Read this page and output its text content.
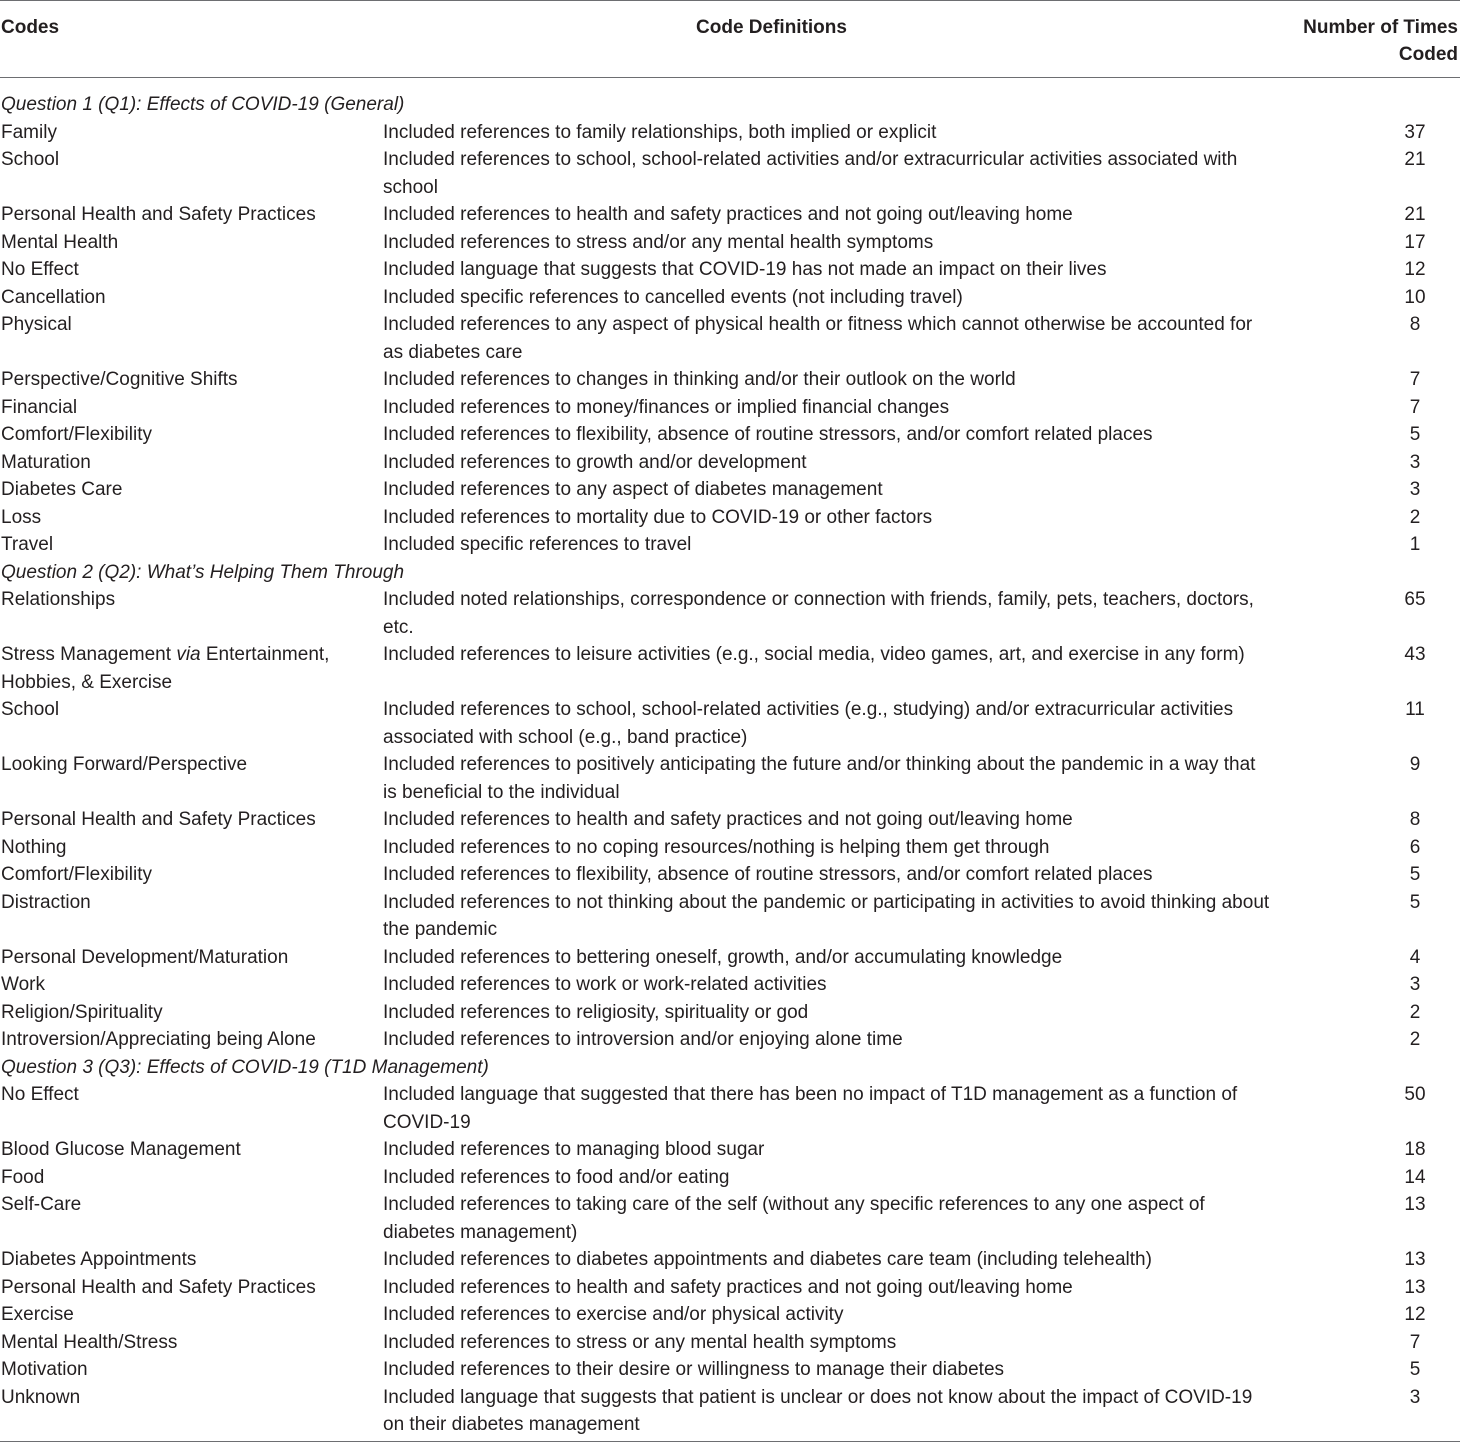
Codes	Code Definitions	Number of Times Coded
Question 1 (Q1): Effects of COVID-19 (General)		
Family	Included references to family relationships, both implied or explicit	37
School	Included references to school, school-related activities and/or extracurricular activities associated with school	21
Personal Health and Safety Practices	Included references to health and safety practices and not going out/leaving home	21
Mental Health	Included references to stress and/or any mental health symptoms	17
No Effect	Included language that suggests that COVID-19 has not made an impact on their lives	12
Cancellation	Included specific references to cancelled events (not including travel)	10
Physical	Included references to any aspect of physical health or fitness which cannot otherwise be accounted for as diabetes care	8
Perspective/Cognitive Shifts	Included references to changes in thinking and/or their outlook on the world	7
Financial	Included references to money/finances or implied financial changes	7
Comfort/Flexibility	Included references to flexibility, absence of routine stressors, and/or comfort related places	5
Maturation	Included references to growth and/or development	3
Diabetes Care	Included references to any aspect of diabetes management	3
Loss	Included references to mortality due to COVID-19 or other factors	2
Travel	Included specific references to travel	1
Question 2 (Q2): What’s Helping Them Through		
Relationships	Included noted relationships, correspondence or connection with friends, family, pets, teachers, doctors, etc.	65
Stress Management via Entertainment, Hobbies, & Exercise	Included references to leisure activities (e.g., social media, video games, art, and exercise in any form)	43
School	Included references to school, school-related activities (e.g., studying) and/or extracurricular activities associated with school (e.g., band practice)	11
Looking Forward/Perspective	Included references to positively anticipating the future and/or thinking about the pandemic in a way that is beneficial to the individual	9
Personal Health and Safety Practices	Included references to health and safety practices and not going out/leaving home	8
Nothing	Included references to no coping resources/nothing is helping them get through	6
Comfort/Flexibility	Included references to flexibility, absence of routine stressors, and/or comfort related places	5
Distraction	Included references to not thinking about the pandemic or participating in activities to avoid thinking about the pandemic	5
Personal Development/Maturation	Included references to bettering oneself, growth, and/or accumulating knowledge	4
Work	Included references to work or work-related activities	3
Religion/Spirituality	Included references to religiosity, spirituality or god	2
Introversion/Appreciating being Alone	Included references to introversion and/or enjoying alone time	2
Question 3 (Q3): Effects of COVID-19 (T1D Management)		
No Effect	Included language that suggested that there has been no impact of T1D management as a function of COVID-19	50
Blood Glucose Management	Included references to managing blood sugar	18
Food	Included references to food and/or eating	14
Self-Care	Included references to taking care of the self (without any specific references to any one aspect of diabetes management)	13
Diabetes Appointments	Included references to diabetes appointments and diabetes care team (including telehealth)	13
Personal Health and Safety Practices	Included references to health and safety practices and not going out/leaving home	13
Exercise	Included references to exercise and/or physical activity	12
Mental Health/Stress	Included references to stress or any mental health symptoms	7
Motivation	Included references to their desire or willingness to manage their diabetes	5
Unknown	Included language that suggests that patient is unclear or does not know about the impact of COVID-19 on their diabetes management	3
